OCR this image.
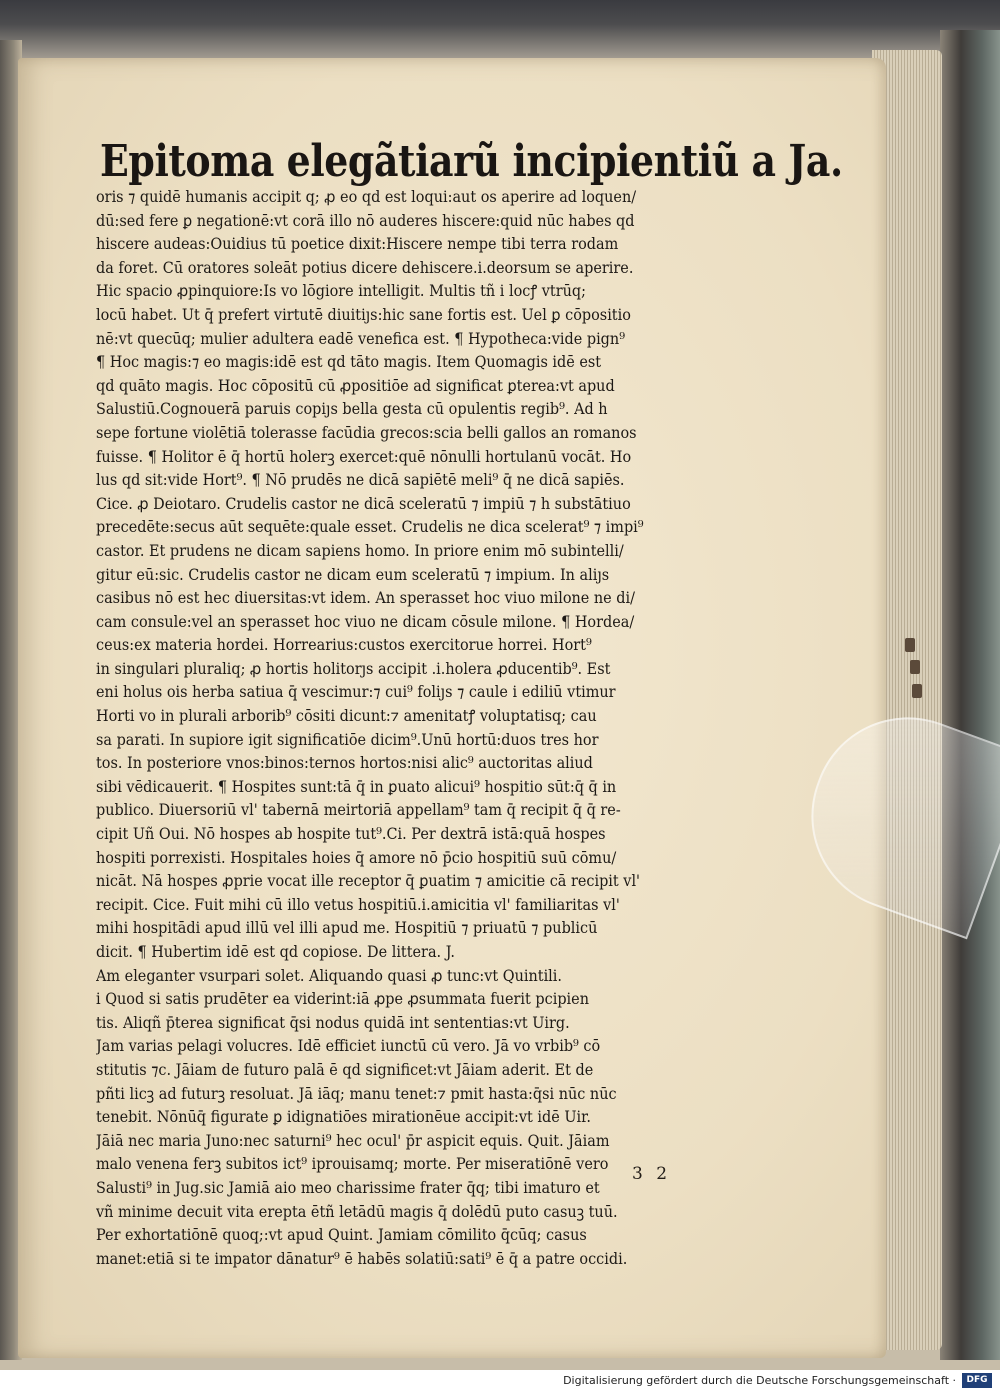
Epitoma elegãtiarũ incipientiũ a Ja.
oris ⁊ quidē humanis accipit q; ꝓ eo qd est loqui:aut os aperire ad loquen/
dū:sed fere ꝑ negationē:vt corā illo nō auderes hiscere:quid nūc habes qd
hiscere audeas:Ouidius tū poetice dixit:Hiscere nempe tibi terra rodam
da foret. Cū oratores soleāt potius dicere dehiscere.i.deorsum se aperire.
Hic spacio ꝓpinquiore:Is vo lōgiore intelligit. Multis tñ i locꝭ vtrūq;
locū habet. Ut q̄ prefert virtutē diuitiȷs:hic sane fortis est. Uel ꝑ cōpositio
nē:vt quecūq; mulier adultera eadē venefica est. ¶ Hypotheca:vide pign⁹
¶ Hoc magis:⁊ eo magis:idē est qd tāto magis. Item Quomagis idē est
qd quāto magis. Hoc cōpositū cū ꝓpositiōe ad significat ꝑterea:vt apud
Salustiū.Cognouerā paruis copiȷs bella gesta cū opulentis regib⁹. Ad h
sepe fortune violētiā tolerasse facūdia grecos:scia belli gallos an romanos
fuisse. ¶ Holitor ē q̄ hortū holerꝫ exercet:quē nōnulli hortulanū vocāt. Ho
lus qd sit:vide Hort⁹. ¶ Nō prudēs ne dicā sapiētē meli⁹ q̄ ne dicā sapiēs.
Cice. ꝓ Deiotaro. Crudelis castor ne dicā sceleratū ⁊ impiū ⁊ h substātiuo
precedēte:secus aūt sequēte:quale esset. Crudelis ne dica scelerat⁹ ⁊ impi⁹
castor. Et prudens ne dicam sapiens homo. In priore enim mō subintelli/
gitur eū:sic. Crudelis castor ne dicam eum sceleratū ⁊ impium. In aliȷs
casibus nō est hec diuersitas:vt idem. An sperasset hoc viuo milone ne di/
cam consule:vel an sperasset hoc viuo ne dicam cōsule milone. ¶ Hordea/
ceus:ex materia hordei. Horrearius:custos exercitorue horrei. Hort⁹
in singulari pluraliq; ꝓ hortis holitorȷs accipit .i.holera ꝓducentib⁹. Est
eni holus ois herba satiua q̄ vescimur:⁊ cui⁹ foliȷs ⁊ caule i ediliū vtimur
Horti vo in plurali arborib⁹ cōsiti dicunt:⁊ amenitatꝭ voluptatisq; cau
sa parati. In supiore igit significatiōe dicim⁹.Unū hortū:duos tres hor
tos. In posteriore vnos:binos:ternos hortos:nisi alic⁹ auctoritas aliud
sibi vēdicauerit. ¶ Hospites sunt:tā q̄ in ꝑuato alicui⁹ hospitio sūt:q̄ q̄ in
publico. Diuersoriū vl' tabernā meirtoriā appellam⁹ tam q̄ recipit q̄ q̄ re-
cipit Uñ Oui. Nō hospes ab hospite tut⁹.Ci. Per dextrā istā:quā hospes
hospiti porrexisti. Hospitales hoies q̄ amore nō p̄cio hospitiū suū cōmu/
nicāt. Nā hospes ꝓprie vocat ille receptor q̄ ꝑuatim ⁊ amicitie cā recipit vl'
recipit. Cice. Fuit mihi cū illo vetus hospitiū.i.amicitia vl' familiaritas vl'
mihi hospitādi apud illū vel illi apud me. Hospitiū ⁊ priuatū ⁊ publicū
dicit. ¶ Hubertim idē est qd copiose. De littera. J.
Am eleganter vsurpari solet. Aliquando quasi ꝓ tunc:vt Quintili.
i Quod si satis prudēter ea viderint:iā ꝓpe ꝓsummata fuerit pcipien
tis. Aliqñ p̄terea significat q̄si nodus quidā int sententias:vt Uirg.
Jam varias pelagi volucres. Idē efficiet iunctū cū vero. Jā vo vrbib⁹ cō
stitutis ⁊c. Jāiam de futuro palā ē qd significet:vt Jāiam aderit. Et de
pñti licꝫ ad futurꝫ resoluat. Jā iāq; manu tenet:⁊ pmit hasta:q̄si nūc nūc
tenebit. Nōnūq̄ figurate ꝑ idignatiōes mirationēue accipit:vt idē Uir.
Jāiā nec maria Juno:nec saturni⁹ hec ocul' p̄r aspicit equis. Quit. Jāiam
malo venena ferꝫ subitos ict⁹ iprouisamq; morte. Per miseratiōnē vero
Salusti⁹ in Jug.sic Jamiā aio meo charissime frater q̄q; tibi imaturo et
vñ minime decuit vita erepta ētñ letādū magis q̄ dolēdū puto casuꝫ tuū.
Per exhortatiōnē quoq;:vt apud Quint. Jamiam cōmilito q̄cūq; casus
manet:etiā si te impator dānatur⁹ ē habēs solatiū:sati⁹ ē q̄ a patre occidi.
3 2
Digitalisierung gefördert durch die Deutsche Forschungsgemeinschaft ·	DFG
